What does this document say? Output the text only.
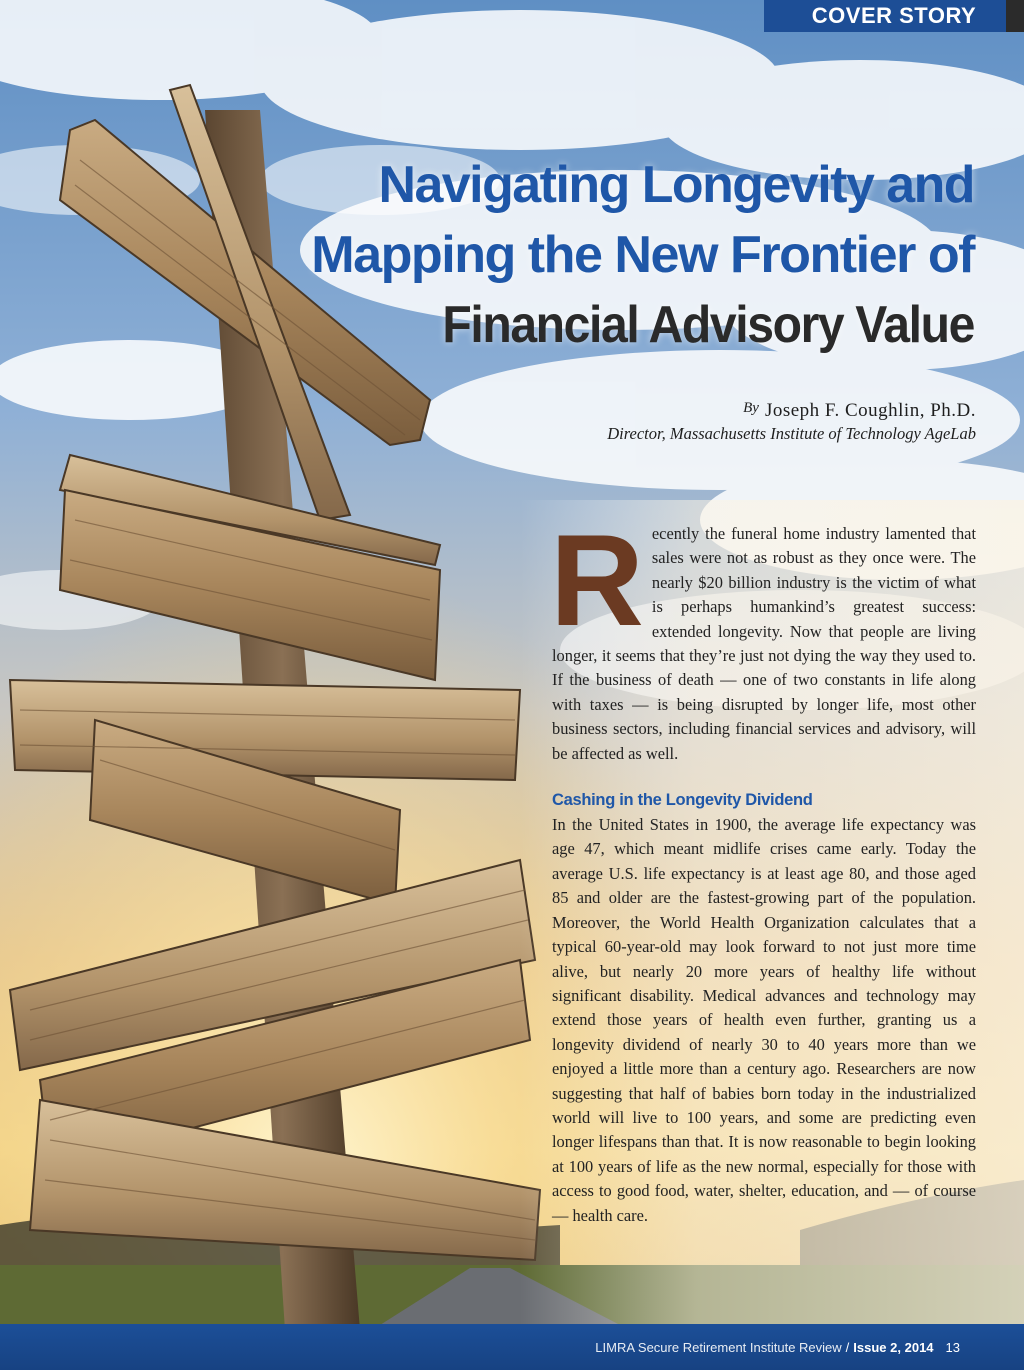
COVER STORY
Navigating Longevity and
Mapping the New Frontier of
Financial Advisory Value
By Joseph F. Coughlin, Ph.D.
Director, Massachusetts Institute of Technology AgeLab
R ecently the funeral home industry lamented that sales were not as robust as they once were. The nearly $20 billion industry is the victim of what is perhaps humankind’s greatest success: extended longevity. Now that people are living longer, it seems that they’re just not dying the way they used to. If the business of death — one of two constants in life along with taxes — is being disrupted by longer life, most other business sectors, including financial services and advisory, will be affected as well.

Cashing in the Longevity Dividend

In the United States in 1900, the average life expectancy was age 47, which meant midlife crises came early. Today the average U.S. life expectancy is at least age 80, and those aged 85 and older are the fastest-growing part of the population. Moreover, the World Health Organization calculates that a typical 60-year-old may look forward to not just more time alive, but nearly 20 more years of healthy life without significant disability. Medical advances and technology may extend those years of health even further, granting us a longevity dividend of nearly 30 to 40 years more than we enjoyed a little more than a century ago. Researchers are now suggesting that half of babies born today in the industrialized world will live to 100 years, and some are predicting even longer lifespans than that. It is now reasonable to begin looking at 100 years of life as the new normal, especially for those with access to good food, water, shelter, education, and — of course — health care.

LIMRA Secure Retirement Institute Review / Issue 2, 2014 13
